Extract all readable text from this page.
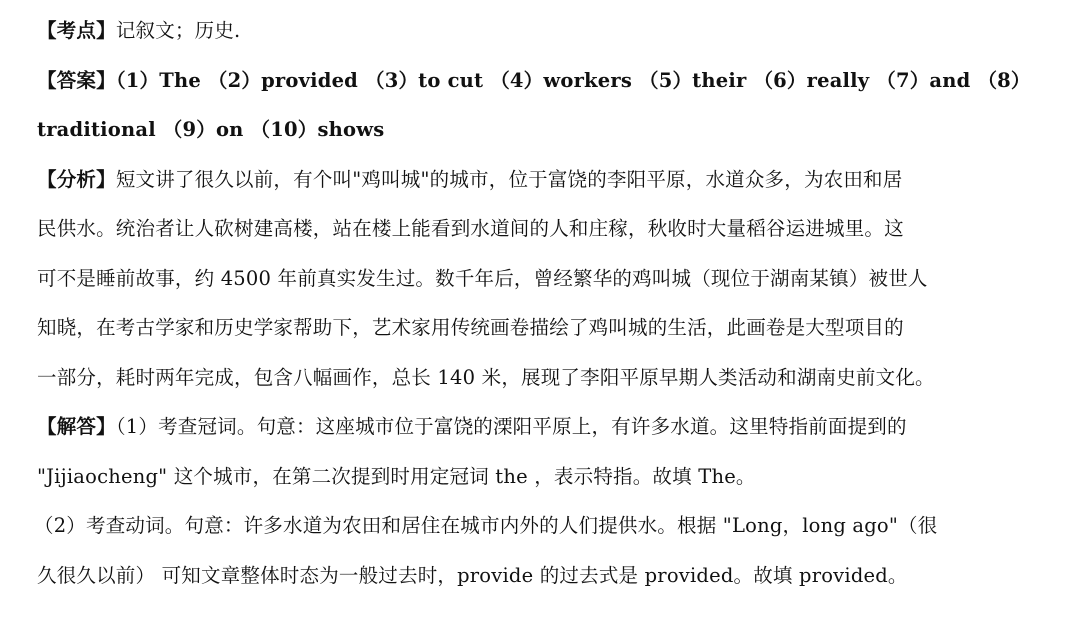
【考点】记叙文；历史.
【答案】（1）The （2）provided （3）to cut （4）workers （5）their （6）really （7）and （8）
traditional （9）on （10）shows
【分析】短文讲了很久以前，有个叫"鸡叫城"的城市，位于富饶的李阳平原，水道众多，为农田和居
民供水。统治者让人砍树建高楼，站在楼上能看到水道间的人和庄稼，秋收时大量稻谷运进城里。这
可不是睡前故事，约 4500 年前真实发生过。数千年后，曾经繁华的鸡叫城（现位于湖南某镇）被世人
知晓，在考古学家和历史学家帮助下，艺术家用传统画卷描绘了鸡叫城的生活，此画卷是大型项目的
一部分，耗时两年完成，包含八幅画作，总长 140 米，展现了李阳平原早期人类活动和湖南史前文化。
【解答】（1）考查冠词。句意：这座城市位于富饶的溧阳平原上，有许多水道。这里特指前面提到的
"Jijiaocheng" 这个城市，在第二次提到时用定冠词 the ，表示特指。故填 The。
（2）考查动词。句意：许多水道为农田和居住在城市内外的人们提供水。根据 "Long，long ago"（很
久很久以前） 可知文章整体时态为一般过去时，provide 的过去式是 provided。故填 provided。
